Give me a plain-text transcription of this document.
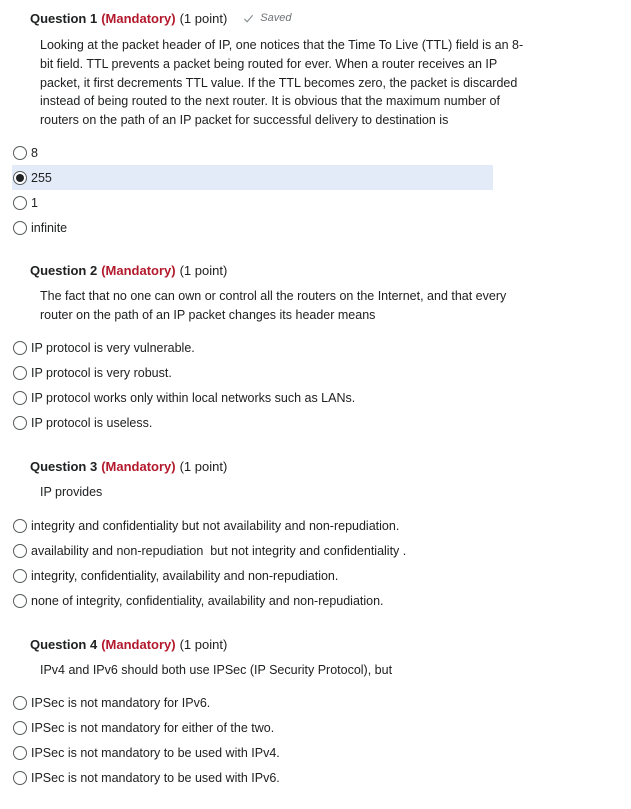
Question 1 (Mandatory) (1 point)	Saved
Looking at the packet header of IP, one notices that the Time To Live (TTL) field is an 8-bit field. TTL prevents a packet being routed for ever. When a router receives an IP packet, it first decrements TTL value. If the TTL becomes zero, the packet is discarded instead of being routed to the next router. It is obvious that the maximum number of routers on the path of an IP packet for successful delivery to destination is
8
255
1
infinite
Question 2 (Mandatory) (1 point)
The fact that no one can own or control all the routers on the Internet, and that every router on the path of an IP packet changes its header means
IP protocol is very vulnerable.
IP protocol is very robust.
IP protocol works only within local networks such as LANs.
IP protocol is useless.
Question 3 (Mandatory) (1 point)
IP provides
integrity and confidentiality but not availability and non-repudiation.
availability and non-repudiation  but not integrity and confidentiality .
integrity, confidentiality, availability and non-repudiation.
none of integrity, confidentiality, availability and non-repudiation.
Question 4 (Mandatory) (1 point)
IPv4 and IPv6 should both use IPSec (IP Security Protocol), but
IPSec is not mandatory for IPv6.
IPSec is not mandatory for either of the two.
IPSec is not mandatory to be used with IPv4.
IPSec is not mandatory to be used with IPv6.
